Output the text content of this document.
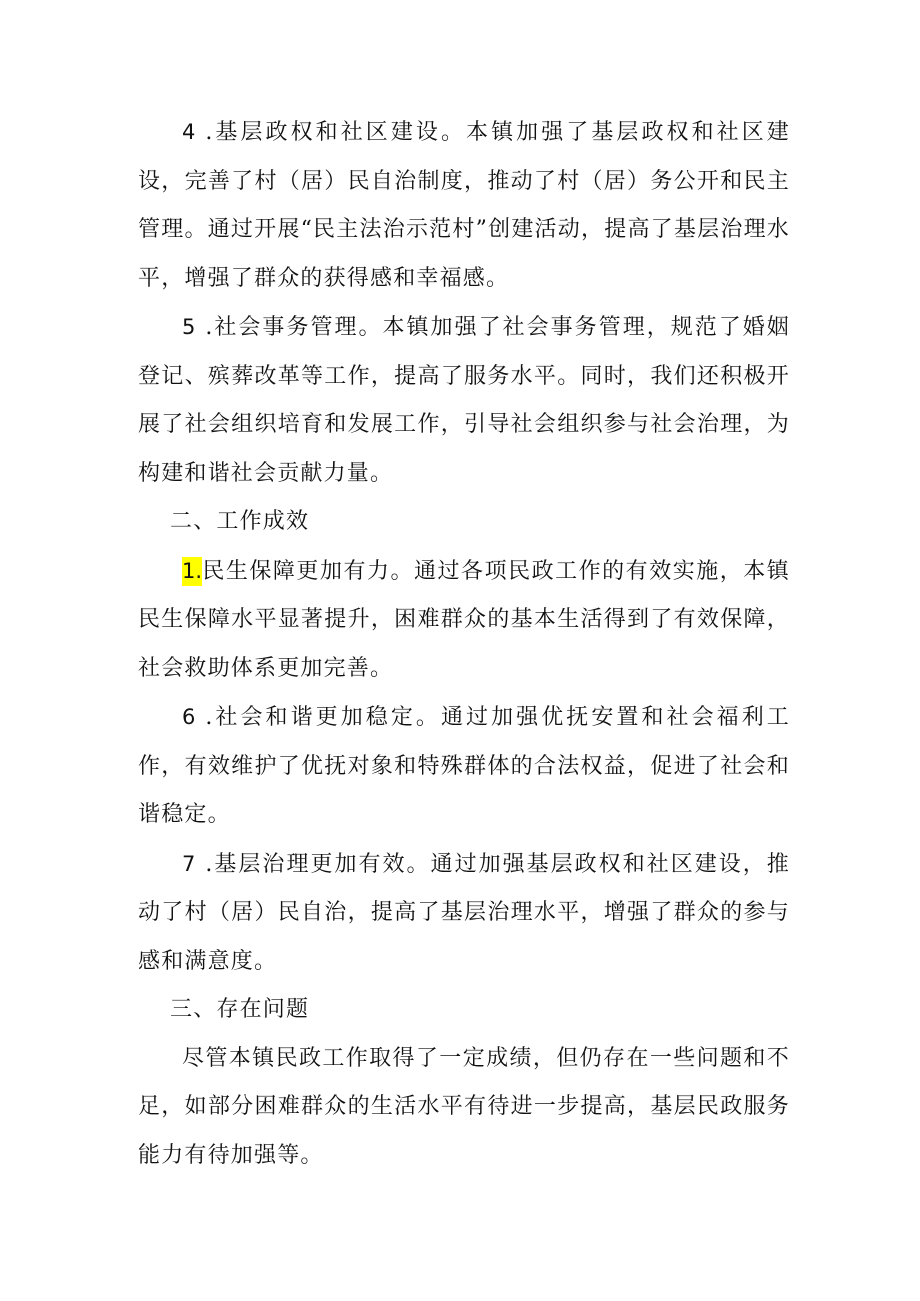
4 .基层政权和社区建设。本镇加强了基层政权和社区建设，完善了村（居）民自治制度，推动了村（居）务公开和民主管理。通过开展“民主法治示范村”创建活动，提高了基层治理水平，增强了群众的获得感和幸福感。

5 .社会事务管理。本镇加强了社会事务管理，规范了婚姻登记、殡葬改革等工作，提高了服务水平。同时，我们还积极开展了社会组织培育和发展工作，引导社会组织参与社会治理，为构建和谐社会贡献力量。

二、工作成效

1.民生保障更加有力。通过各项民政工作的有效实施，本镇民生保障水平显著提升，困难群众的基本生活得到了有效保障，社会救助体系更加完善。

6 .社会和谐更加稳定。通过加强优抚安置和社会福利工作，有效维护了优抚对象和特殊群体的合法权益，促进了社会和谐稳定。

7 .基层治理更加有效。通过加强基层政权和社区建设，推动了村（居）民自治，提高了基层治理水平，增强了群众的参与感和满意度。

三、存在问题

尽管本镇民政工作取得了一定成绩，但仍存在一些问题和不足，如部分困难群众的生活水平有待进一步提高，基层民政服务能力有待加强等。
